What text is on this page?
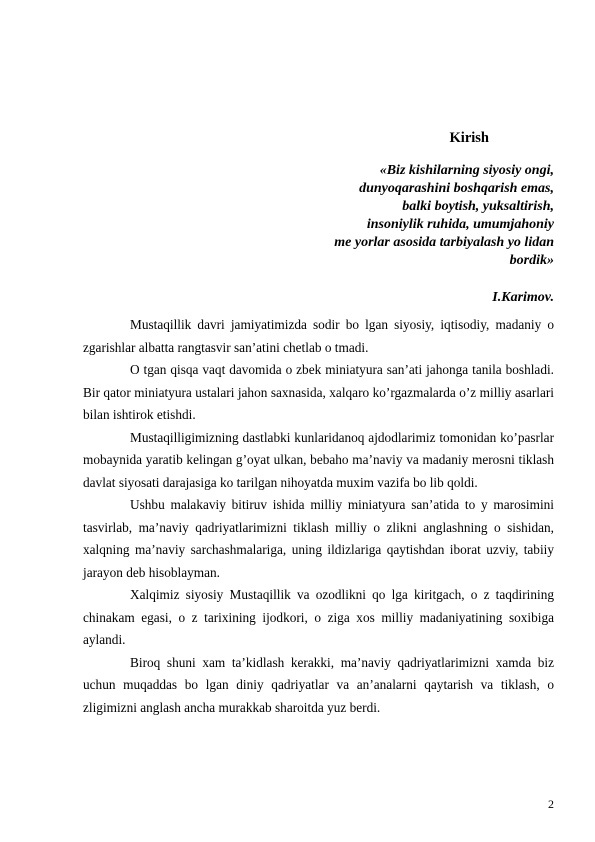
Kirish
«Biz kishilarning siyosiy ongi,
dunyoqarashini boshqarish emas,
balki boytish, yuksaltirish,
insoniylik ruhida, umumjahoniy
me yorlar asosida tarbiyalash yo lidan
bordik»
I.Karimov.

Mustaqillik davri jamiyatimizda sodir bo lgan siyosiy, iqtisodiy, madaniy o zgarishlar albatta rangtasvir san’atini chetlab o tmadi.

O tgan qisqa vaqt davomida o zbek miniatyura san’ati jahonga tanila boshladi. Bir qator miniatyura ustalari jahon saxnasida, xalqaro ko’rgazmalarda o’z milliy asarlari bilan ishtirok etishdi.

Mustaqilligimizning dastlabki kunlaridanoq ajdodlarimiz tomonidan ko’pasrlar mobaynida yaratib kelingan g’oyat ulkan, bebaho ma’naviy va madaniy merosni tiklash davlat siyosati darajasiga ko tarilgan nihoyatda muxim vazifa bo lib qoldi.

Ushbu malakaviy bitiruv ishida milliy miniatyura san’atida to y marosimini tasvirlab, ma’naviy qadriyatlarimizni tiklash milliy o zlikni anglashning o sishidan, xalqning ma’naviy sarchashmalariga, uning ildizlariga qaytishdan iborat uzviy, tabiiy jarayon deb hisoblayman.

Xalqimiz siyosiy Mustaqillik va ozodlikni qo lga kiritgach, o z taqdirining chinakam egasi, o z tarixining ijodkori, o ziga xos milliy madaniyatining soxibiga aylandi.

Biroq shuni xam ta’kidlash kerakki, ma’naviy qadriyatlarimizni xamda biz uchun muqaddas bo lgan diniy qadriyatlar va an’analarni qaytarish va tiklash, o zligimizni anglash ancha murakkab sharoitda yuz berdi.

2
